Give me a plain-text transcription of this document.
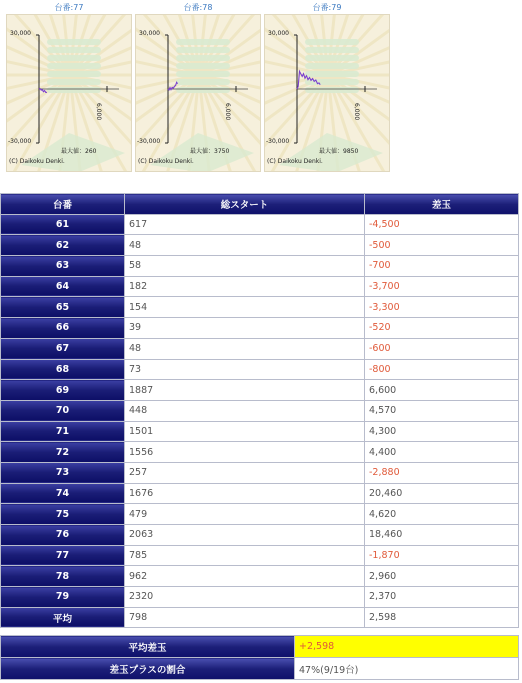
台番:77
30,000
-30,000
6,000
最大値：260
(C) Daikoku Denki.
台番:78
30,000
-30,000
6,000
最大値：3750
(C) Daikoku Denki.
台番:79
30,000
-30,000
6,000
最大値：9850
(C) Daikoku Denki.
台番	総スタート	差玉
61	617	-4,500
62	48	-500
63	58	-700
64	182	-3,700
65	154	-3,300
66	39	-520
67	48	-600
68	73	-800
69	1887	6,600
70	448	4,570
71	1501	4,300
72	1556	4,400
73	257	-2,880
74	1676	20,460
75	479	4,620
76	2063	18,460
77	785	-1,870
78	962	2,960
79	2320	2,370
平均	798	2,598
平均差玉	+2,598
差玉プラスの割合	47%(9/19台)
